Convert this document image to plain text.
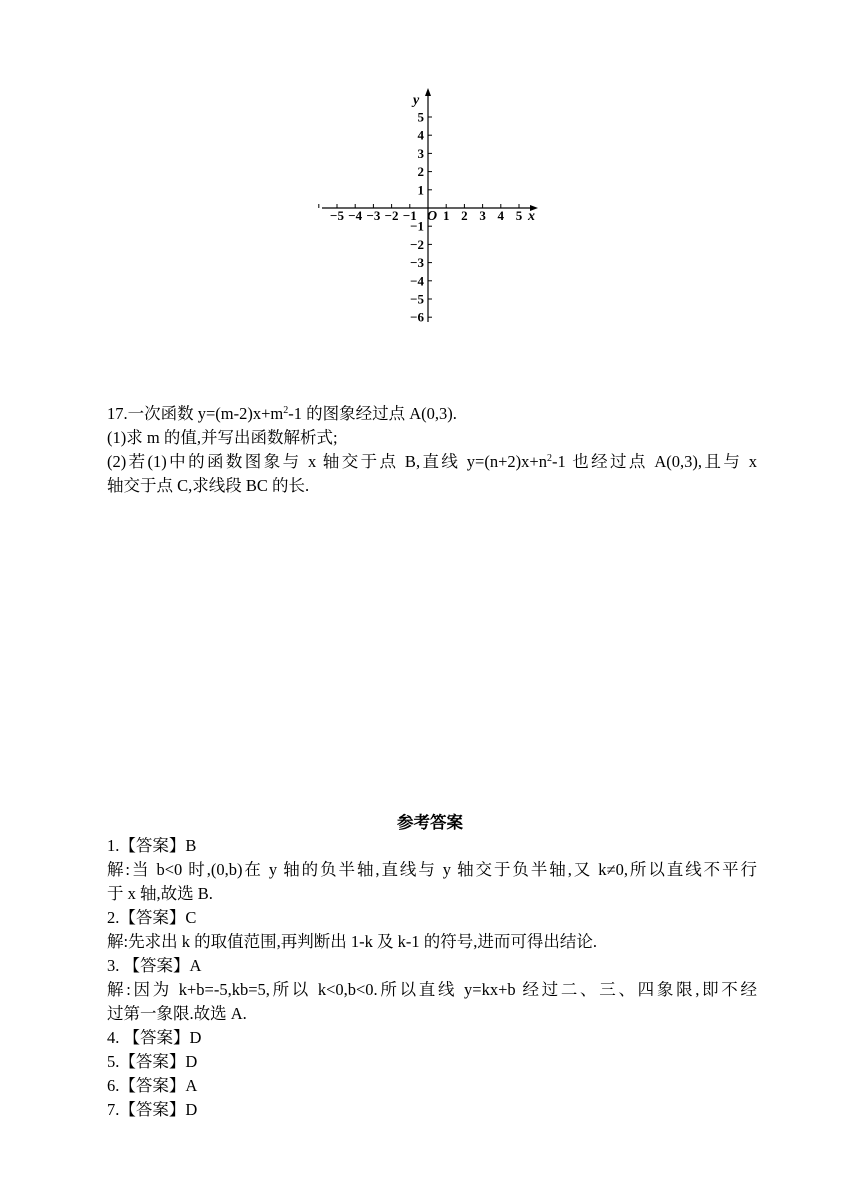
−5 −4 −3 −2 −1 1 2 3 4 5
5
4
3
2
1
−1
−2
−3
−4
−5
−6
x
y
O
17.一次函数 $y=(m-2)x+m^2-1$ 的图象经过点 A(0,3).
(1)求 m 的值,并写出函数解析式;
(2)若(1)中的函数图象与 x 轴交于点 B,直线 $y=(n+2)x+n^2-1$ 也经过点 A(0,3),且与 x
轴交于点 C,求线段 BC 的长.
参考答案
1.【答案】B
解:当 b<0 时,(0,b)在 y 轴的负半轴,直线与 y 轴交于负半轴,又 k≠0,所以直线不平行
于 x 轴,故选 B.
2.【答案】C
解:先求出 k 的取值范围,再判断出 1-k 及 k-1 的符号,进而可得出结论.
3. 【答案】A
解:因为 k+b=-5,kb=5,所以 k<0,b<0.所以直线 y=kx+b 经过二、三、四象限,即不经
过第一象限.故选 A.
4. 【答案】D
5.【答案】D
6.【答案】A
7.【答案】D
